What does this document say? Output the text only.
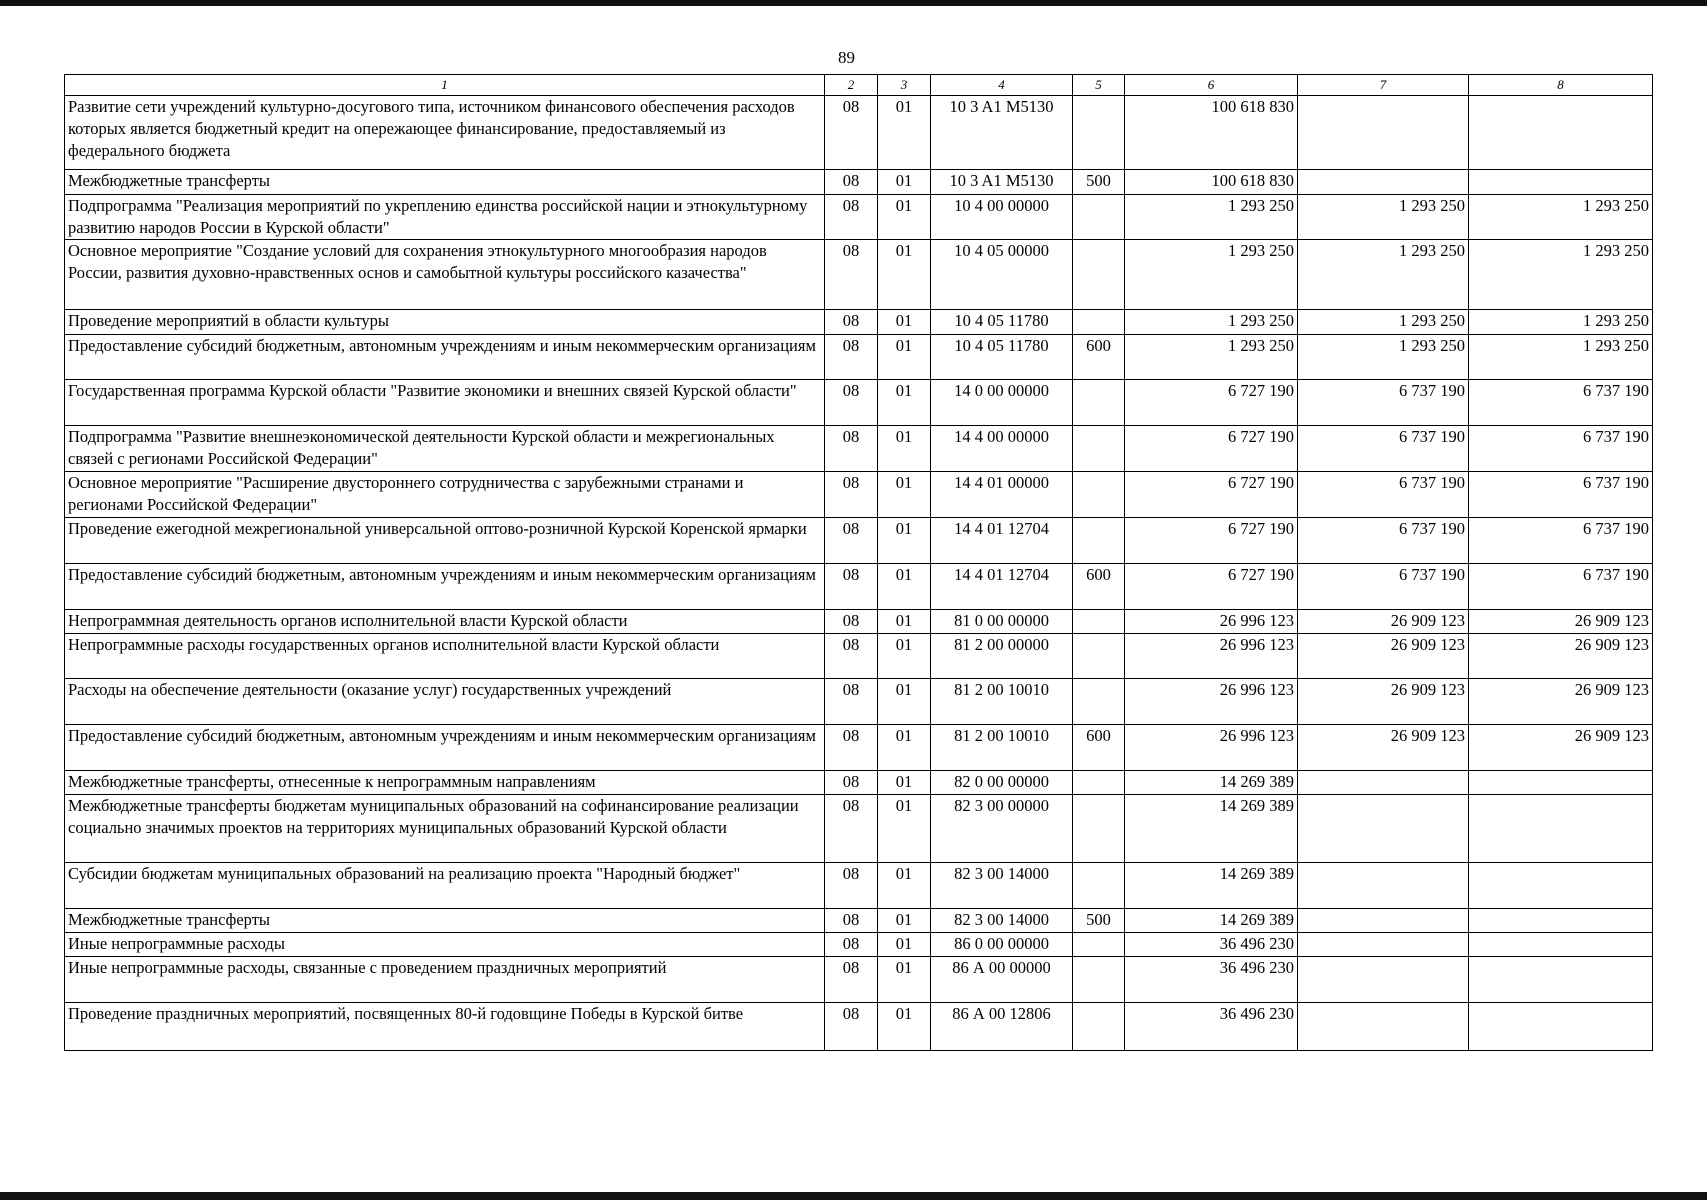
89
1	2	3	4	5	6	7	8
Развитие сети учреждений культурно-досугового типа, источником финансового обеспечения расходов которых является бюджетный кредит на опережающее финансирование, предоставляемый из федерального бюджета	08	01	10 3 A1 M5130		100 618 830		
Межбюджетные трансферты	08	01	10 3 A1 M5130	500	100 618 830		
Подпрограмма "Реализация мероприятий по укреплению единства российской нации и этнокультурному развитию народов России в Курской области"	08	01	10 4 00 00000		1 293 250	1 293 250	1 293 250
Основное мероприятие "Создание условий для сохранения этнокультурного многообразия народов России, развития духовно-нравственных основ и самобытной культуры российского казачества"	08	01	10 4 05 00000		1 293 250	1 293 250	1 293 250
Проведение мероприятий в области культуры	08	01	10 4 05 11780		1 293 250	1 293 250	1 293 250
Предоставление субсидий бюджетным, автономным учреждениям и иным некоммерческим организациям	08	01	10 4 05 11780	600	1 293 250	1 293 250	1 293 250
Государственная программа Курской области "Развитие экономики и внешних связей Курской области"	08	01	14 0 00 00000		6 727 190	6 737 190	6 737 190
Подпрограмма "Развитие внешнеэкономической деятельности Курской области и межрегиональных связей с регионами Российской Федерации"	08	01	14 4 00 00000		6 727 190	6 737 190	6 737 190
Основное мероприятие "Расширение двустороннего сотрудничества с зарубежными странами и регионами Российской Федерации"	08	01	14 4 01 00000		6 727 190	6 737 190	6 737 190
Проведение ежегодной межрегиональной универсальной оптово-розничной Курской Коренской ярмарки	08	01	14 4 01 12704		6 727 190	6 737 190	6 737 190
Предоставление субсидий бюджетным, автономным учреждениям и иным некоммерческим организациям	08	01	14 4 01 12704	600	6 727 190	6 737 190	6 737 190
Непрограммная деятельность органов исполнительной власти Курской области	08	01	81 0 00 00000		26 996 123	26 909 123	26 909 123
Непрограммные расходы государственных органов исполнительной власти Курской области	08	01	81 2 00 00000		26 996 123	26 909 123	26 909 123
Расходы на обеспечение деятельности (оказание услуг) государственных учреждений	08	01	81 2 00 10010		26 996 123	26 909 123	26 909 123
Предоставление субсидий бюджетным, автономным учреждениям и иным некоммерческим организациям	08	01	81 2 00 10010	600	26 996 123	26 909 123	26 909 123
Межбюджетные трансферты, отнесенные к непрограммным направлениям	08	01	82 0 00 00000		14 269 389		
Межбюджетные трансферты бюджетам муниципальных образований на софинансирование реализации социально значимых проектов на территориях муниципальных образований Курской области	08	01	82 3 00 00000		14 269 389		
Субсидии бюджетам муниципальных образований на реализацию проекта "Народный бюджет"	08	01	82 3 00 14000		14 269 389		
Межбюджетные трансферты	08	01	82 3 00 14000	500	14 269 389		
Иные непрограммные расходы	08	01	86 0 00 00000		36 496 230		
Иные непрограммные расходы, связанные с проведением праздничных мероприятий	08	01	86 А 00 00000		36 496 230		
Проведение праздничных мероприятий, посвященных 80-й годовщине Победы в Курской битве	08	01	86 А 00 12806		36 496 230		
